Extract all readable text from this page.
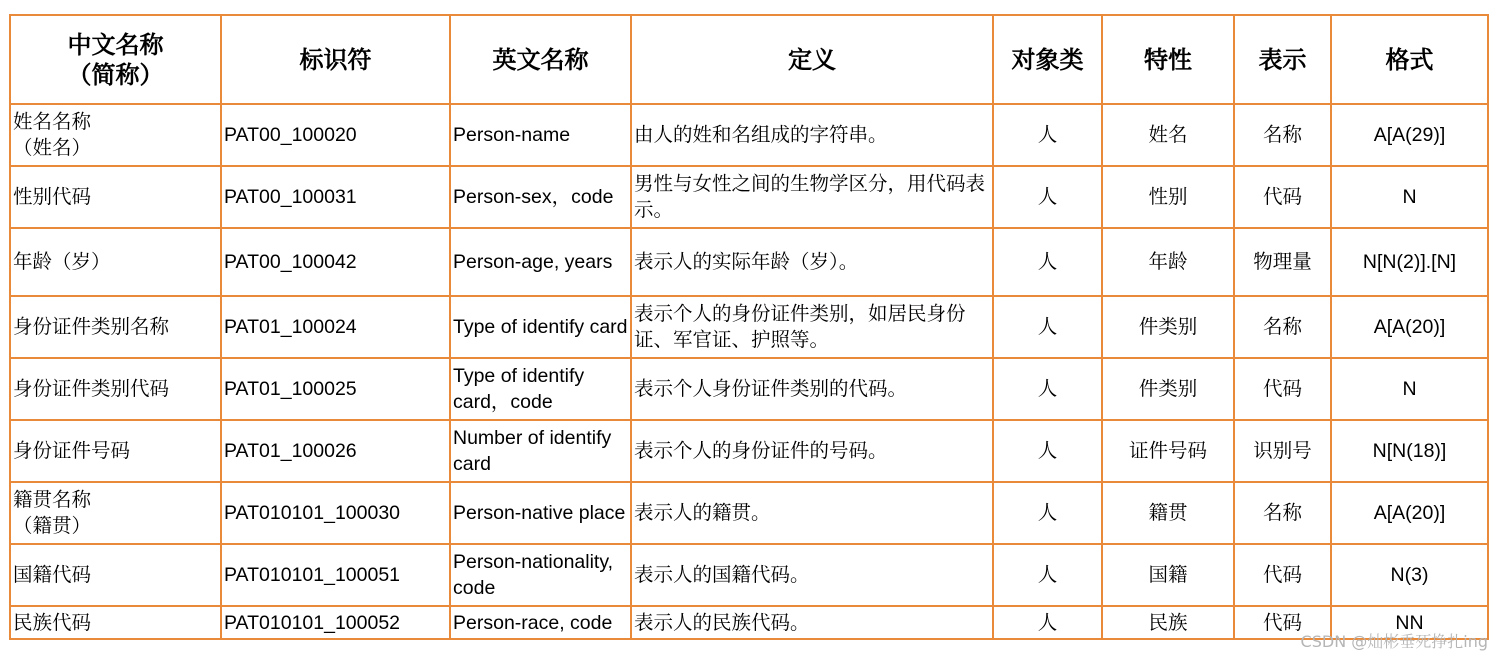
中文名称
（简称）	标识符	英文名称	定义	对象类	特性	表示	格式
姓名名称
（姓名）	PAT00_100020	Person-name	由人的姓和名组成的字符串。	人	姓名	名称	A[A(29)]
性别代码	PAT00_100031	Person-sex，code	男性与女性之间的生物学区分，用代码表示。	人	性别	代码	N
年龄（岁）	PAT00_100042	Person-age, years	表示人的实际年龄（岁）。	人	年龄	物理量	N[N(2)].[N]
身份证件类别名称	PAT01_100024	Type of identify card	表示个人的身份证件类别，如居民身份证、军官证、护照等。	人	件类别	名称	A[A(20)]
身份证件类别代码	PAT01_100025	Type of identify card，code	表示个人身份证件类别的代码。	人	件类别	代码	N
身份证件号码	PAT01_100026	Number of identify card	表示个人的身份证件的号码。	人	证件号码	识别号	N[N(18)]
籍贯名称
（籍贯）	PAT010101_100030	Person-native place	表示人的籍贯。	人	籍贯	名称	A[A(20)]
国籍代码	PAT010101_100051	Person-nationality, code	表示人的国籍代码。	人	国籍	代码	N(3)
民族代码	PAT010101_100052	Person-race, code	表示人的民族代码。	人	民族	代码	NN
CSDN @灿彬垂死挣扎ing
